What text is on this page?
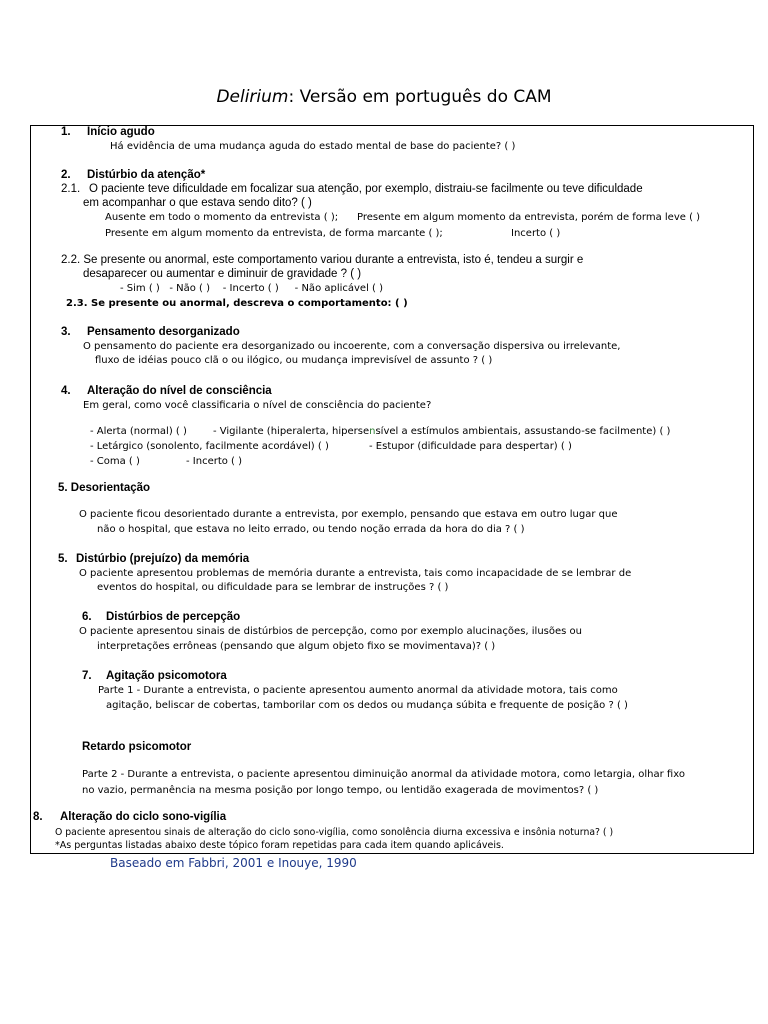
Delirium: Versão em português do CAM
1. Início agudo
Há evidência de uma mudança aguda do estado mental de base do paciente? ( )
2. Distúrbio da atenção*
2.1. O paciente teve dificuldade em focalizar sua atenção, por exemplo, distraiu-se facilmente ou teve dificuldade
em acompanhar o que estava sendo dito? ( )
Ausente em todo o momento da entrevista ( ); Presente em algum momento da entrevista, porém de forma leve ( )
Presente em algum momento da entrevista, de forma marcante ( );	Incerto ( )
2.2. Se presente ou anormal, este comportamento variou durante a entrevista, isto é, tendeu a surgir e
desaparecer ou aumentar e diminuir de gravidade ? ( )
- Sim ( )   - Não ( )    - Incerto ( )     - Não aplicável ( )
2.3. Se presente ou anormal, descreva o comportamento: ( )
3. Pensamento desorganizado
O pensamento do paciente era desorganizado ou incoerente, com a conversação dispersiva ou irrelevante,
fluxo de idéias pouco clã o ou ilógico, ou mudança imprevisível de assunto ? ( )
4. Alteração do nível de consciência
Em geral, como você classificaria o nível de consciência do paciente?
- Alerta (normal) ( )	- Vigilante (hiperalerta, hipersensível a estímulos ambientais, assustando-se facilmente) ( )
- Letárgico (sonolento, facilmente acordável) ( )	- Estupor (dificuldade para despertar) ( )
- Coma ( )	- Incerto ( )
5. Desorientação
O paciente ficou desorientado durante a entrevista, por exemplo, pensando que estava em outro lugar que
não o hospital, que estava no leito errado, ou tendo noção errada da hora do dia ? ( )
5. Distúrbio (prejuízo) da memória
O paciente apresentou problemas de memória durante a entrevista, tais como incapacidade de se lembrar de
eventos do hospital, ou dificuldade para se lembrar de instruções ? ( )
6. Distúrbios de percepção
O paciente apresentou sinais de distúrbios de percepção, como por exemplo alucinações, ilusões ou
interpretações errôneas (pensando que algum objeto fixo se movimentava)? ( )
7. Agitação psicomotora
Parte 1 - Durante a entrevista, o paciente apresentou aumento anormal da atividade motora, tais como
agitação, beliscar de cobertas, tamborilar com os dedos ou mudança súbita e frequente de posição ? ( )
Retardo psicomotor
Parte 2 - Durante a entrevista, o paciente apresentou diminuição anormal da atividade motora, como letargia, olhar fixo
no vazio, permanência na mesma posição por longo tempo, ou lentidão exagerada de movimentos? ( )
8. Alteração do ciclo sono-vigília
O paciente apresentou sinais de alteração do ciclo sono-vigília, como sonolência diurna excessiva e insônia noturna? ( )
*As perguntas listadas abaixo deste tópico foram repetidas para cada item quando aplicáveis.
Baseado em Fabbri, 2001 e Inouye, 1990
